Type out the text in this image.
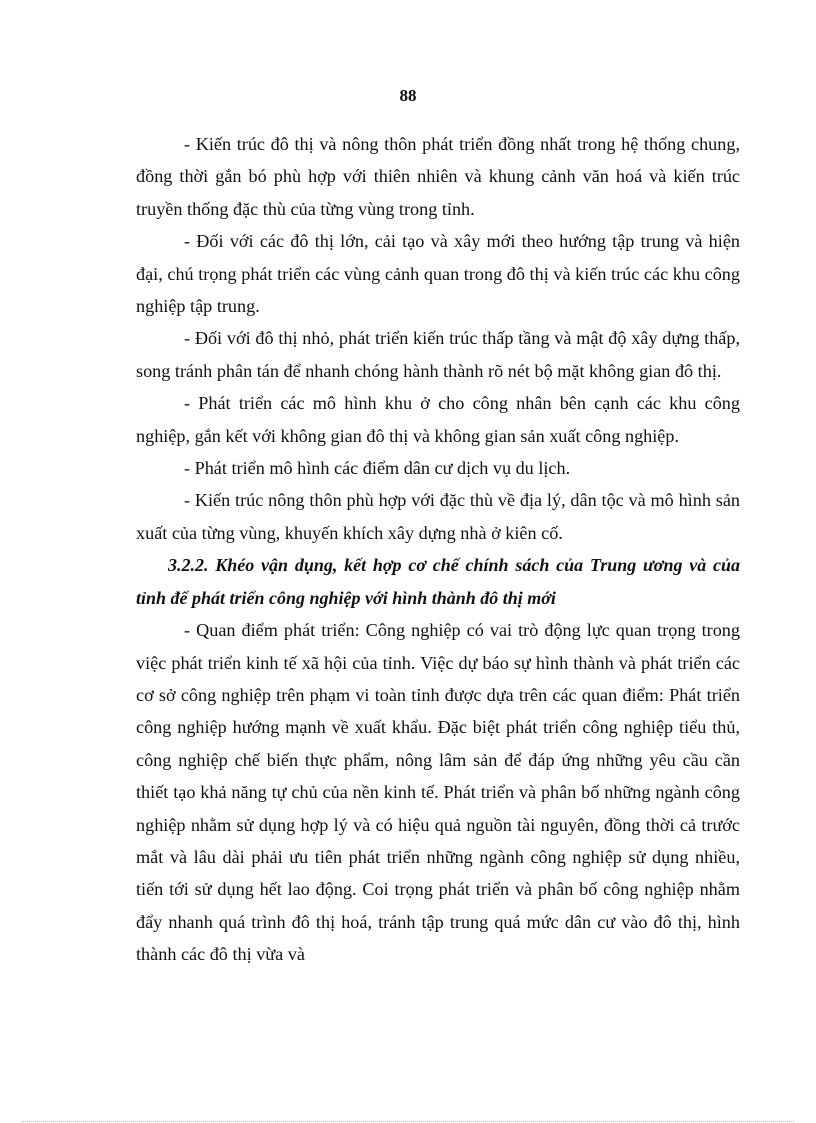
88

- Kiến trúc đô thị và nông thôn phát triển đồng nhất trong hệ thống chung, đồng thời gắn bó phù hợp với thiên nhiên và khung cảnh văn hoá và kiến trúc truyền thống đặc thù của từng vùng trong tỉnh.

- Đối với các đô thị lớn, cải tạo và xây mới theo hướng tập trung và hiện đại, chú trọng phát triển các vùng cảnh quan trong đô thị và kiến trúc các khu công nghiệp tập trung.

- Đối với đô thị nhỏ, phát triển kiến trúc thấp tầng và mật độ xây dựng thấp, song tránh phân tán để nhanh chóng hành thành rõ nét bộ mặt không gian đô thị.

- Phát triển các mô hình khu ở cho công nhân bên cạnh các khu công nghiệp, gắn kết với không gian đô thị và không gian sản xuất công nghiệp.

- Phát triển mô hình các điểm dân cư dịch vụ du lịch.

- Kiến trúc nông thôn phù hợp với đặc thù về địa lý, dân tộc và mô hình sản xuất của từng vùng, khuyến khích xây dựng nhà ở kiên cố.

3.2.2. Khéo vận dụng, kết hợp cơ chế chính sách của Trung ương và của tỉnh để phát triển công nghiệp với hình thành đô thị mới

- Quan điểm phát triển: Công nghiệp có vai trò động lực quan trọng trong việc phát triển kinh tế xã hội của tỉnh. Việc dự báo sự hình thành và phát triển các cơ sở công nghiệp trên phạm vi toàn tỉnh được dựa trên các quan điểm: Phát triển công nghiệp hướng mạnh về xuất khẩu. Đặc biệt phát triển công nghiệp tiểu thủ, công nghiệp chế biến thực phẩm, nông lâm sản để đáp ứng những yêu cầu cần thiết tạo khả năng tự chủ của nền kinh tế. Phát triển và phân bố những ngành công nghiệp nhằm sử dụng hợp lý và có hiệu quả nguồn tài nguyên, đồng thời cả trước mắt và lâu dài phải ưu tiên phát triển những ngành công nghiệp sử dụng nhiều, tiến tới sử dụng hết lao động. Coi trọng phát triển và phân bố công nghiệp nhằm đẩy nhanh quá trình đô thị hoá, tránh tập trung quá mức dân cư vào đô thị, hình thành các đô thị vừa và
